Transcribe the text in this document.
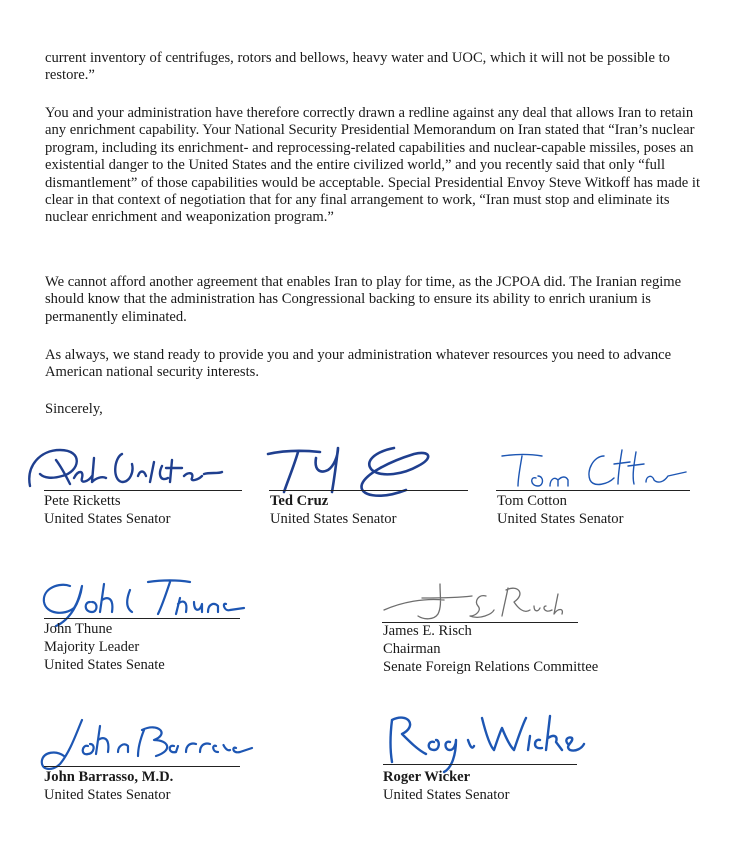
current inventory of centrifuges, rotors and bellows, heavy water and UOC, which it will not be possible to restore.”

You and your administration have therefore correctly drawn a redline against any deal that allows Iran to retain any enrichment capability. Your National Security Presidential Memorandum on Iran stated that “Iran’s nuclear program, including its enrichment- and reprocessing-related capabilities and nuclear-capable missiles, poses an existential danger to the United States and the entire civilized world,” and you recently said that only “full dismantlement” of those capabilities would be acceptable. Special Presidential Envoy Steve Witkoff has made it clear in that context of negotiation that for any final arrangement to work, “Iran must stop and eliminate its nuclear enrichment and weaponization program.”

We cannot afford another agreement that enables Iran to play for time, as the JCPOA did. The Iranian regime should know that the administration has Congressional backing to ensure its ability to enrich uranium is permanently eliminated.

As always, we stand ready to provide you and your administration whatever resources you need to advance American national security interests.

Sincerely,

Pete Ricketts
United States Senator
Ted Cruz
United States Senator
Tom Cotton
United States Senator
John Thune
Majority Leader
United States Senate
James E. Risch
Chairman
Senate Foreign Relations Committee
John Barrasso, M.D.
United States Senator
Roger Wicker
United States Senator
